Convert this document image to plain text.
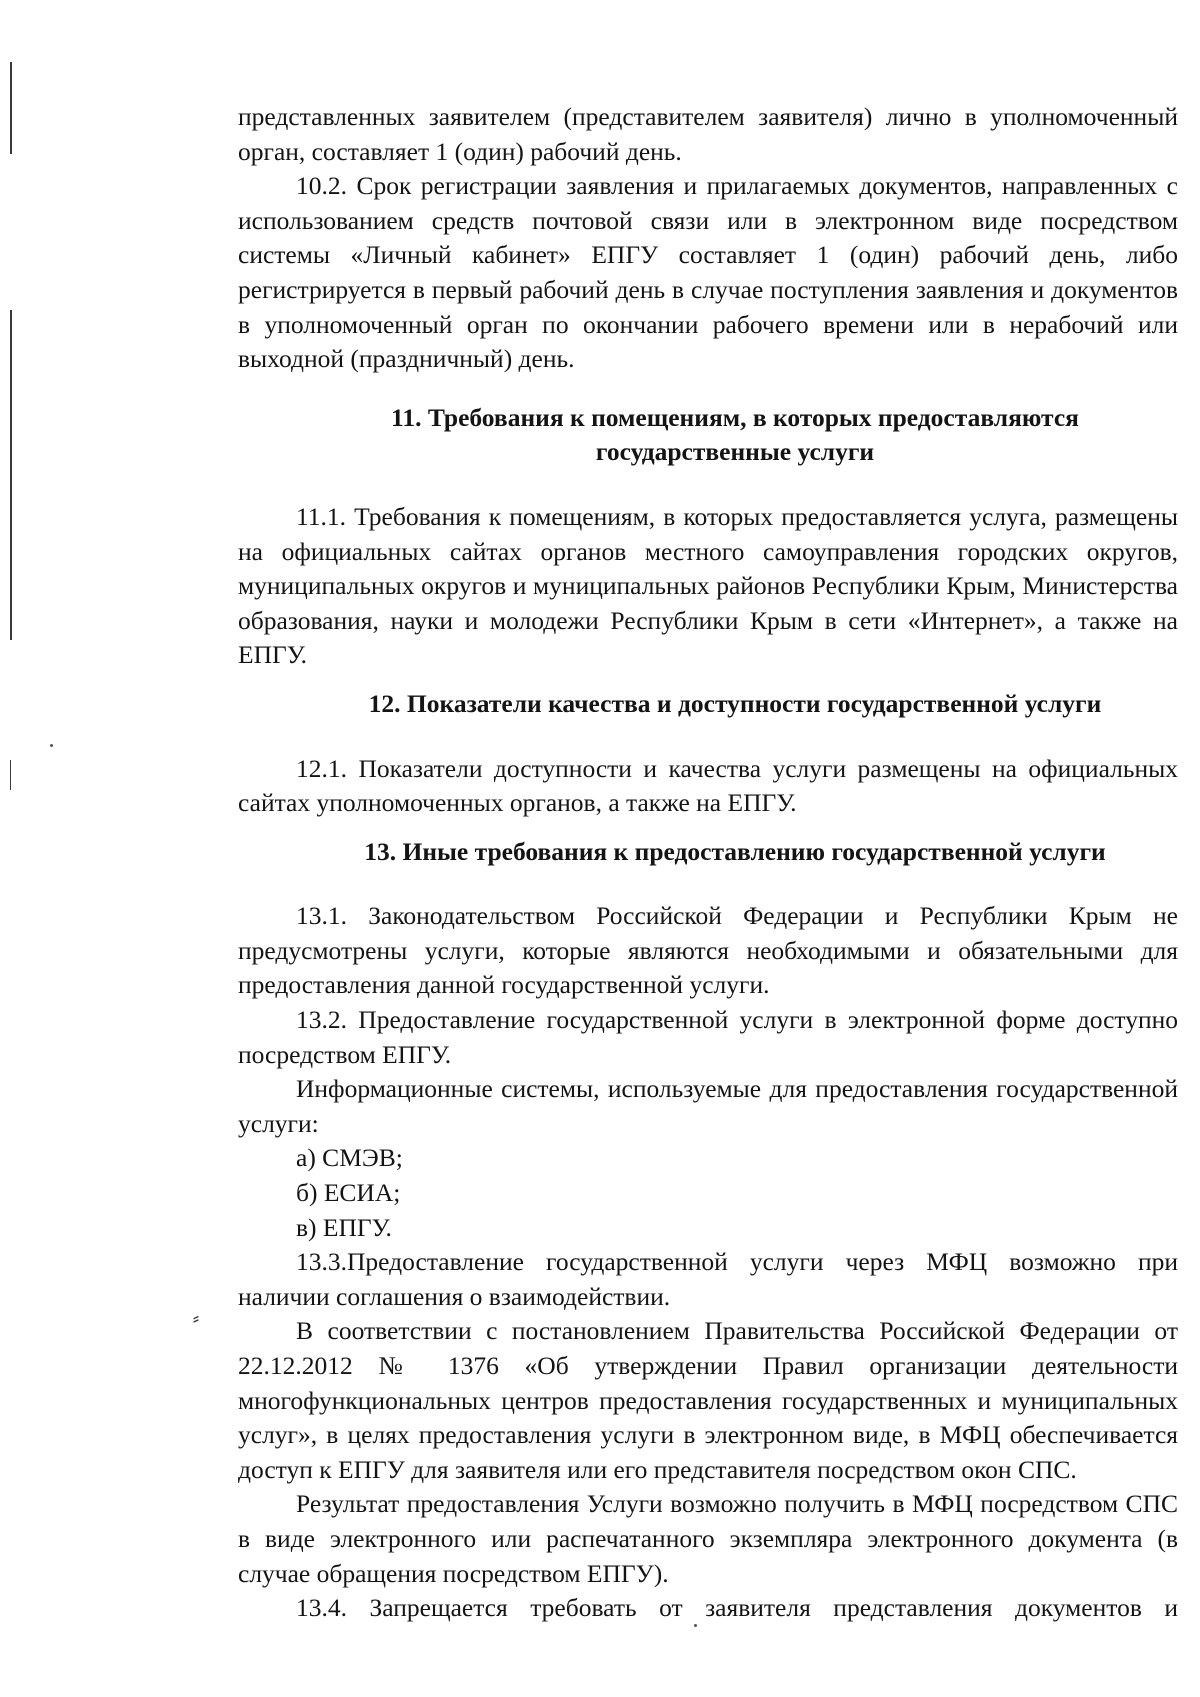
⸗

представленных заявителем (представителем заявителя) лично в уполномоченный орган, составляет 1 (один) рабочий день.

10.2. Срок регистрации заявления и прилагаемых документов, направленных с использованием средств почтовой связи или в электронном виде посредством системы «Личный кабинет» ЕПГУ составляет 1 (один) рабочий день, либо регистрируется в первый рабочий день в случае поступления заявления и документов в уполномоченный орган по окончании рабочего времени или в нерабочий или выходной (праздничный) день.

11. Требования к помещениям, в которых предоставляются
государственные услуги

11.1. Требования к помещениям, в которых предоставляется услуга, размещены на официальных сайтах органов местного самоуправления городских округов, муниципальных округов и муниципальных районов Республики Крым, Министерства образования, науки и молодежи Республики Крым в сети «Интернет», а также на ЕПГУ.

12. Показатели качества и доступности государственной услуги

12.1. Показатели доступности и качества услуги размещены на официальных сайтах уполномоченных органов, а также на ЕПГУ.

13. Иные требования к предоставлению государственной услуги

13.1. Законодательством Российской Федерации и Республики Крым не предусмотрены услуги, которые являются необходимыми и обязательными для предоставления данной государственной услуги.

13.2. Предоставление государственной услуги в электронной форме доступно посредством ЕПГУ.

Информационные системы, используемые для предоставления государственной услуги:

а) СМЭВ;
б) ЕСИА;
в) ЕПГУ.

13.3.Предоставление государственной услуги через МФЦ возможно при наличии соглашения о взаимодействии.

В соответствии с постановлением Правительства Российской Федерации от 22.12.2012 № 1376 «Об утверждении Правил организации деятельности многофункциональных центров предоставления государственных и муниципальных услуг», в целях предоставления услуги в электронном виде, в МФЦ обеспечивается доступ к ЕПГУ для заявителя или его представителя посредством окон СПС.

Результат предоставления Услуги возможно получить в МФЦ посредством СПС в виде электронного или распечатанного экземпляра электронного документа (в случае обращения посредством ЕПГУ).

13.4. Запрещается требовать от заявителя представления документов и
